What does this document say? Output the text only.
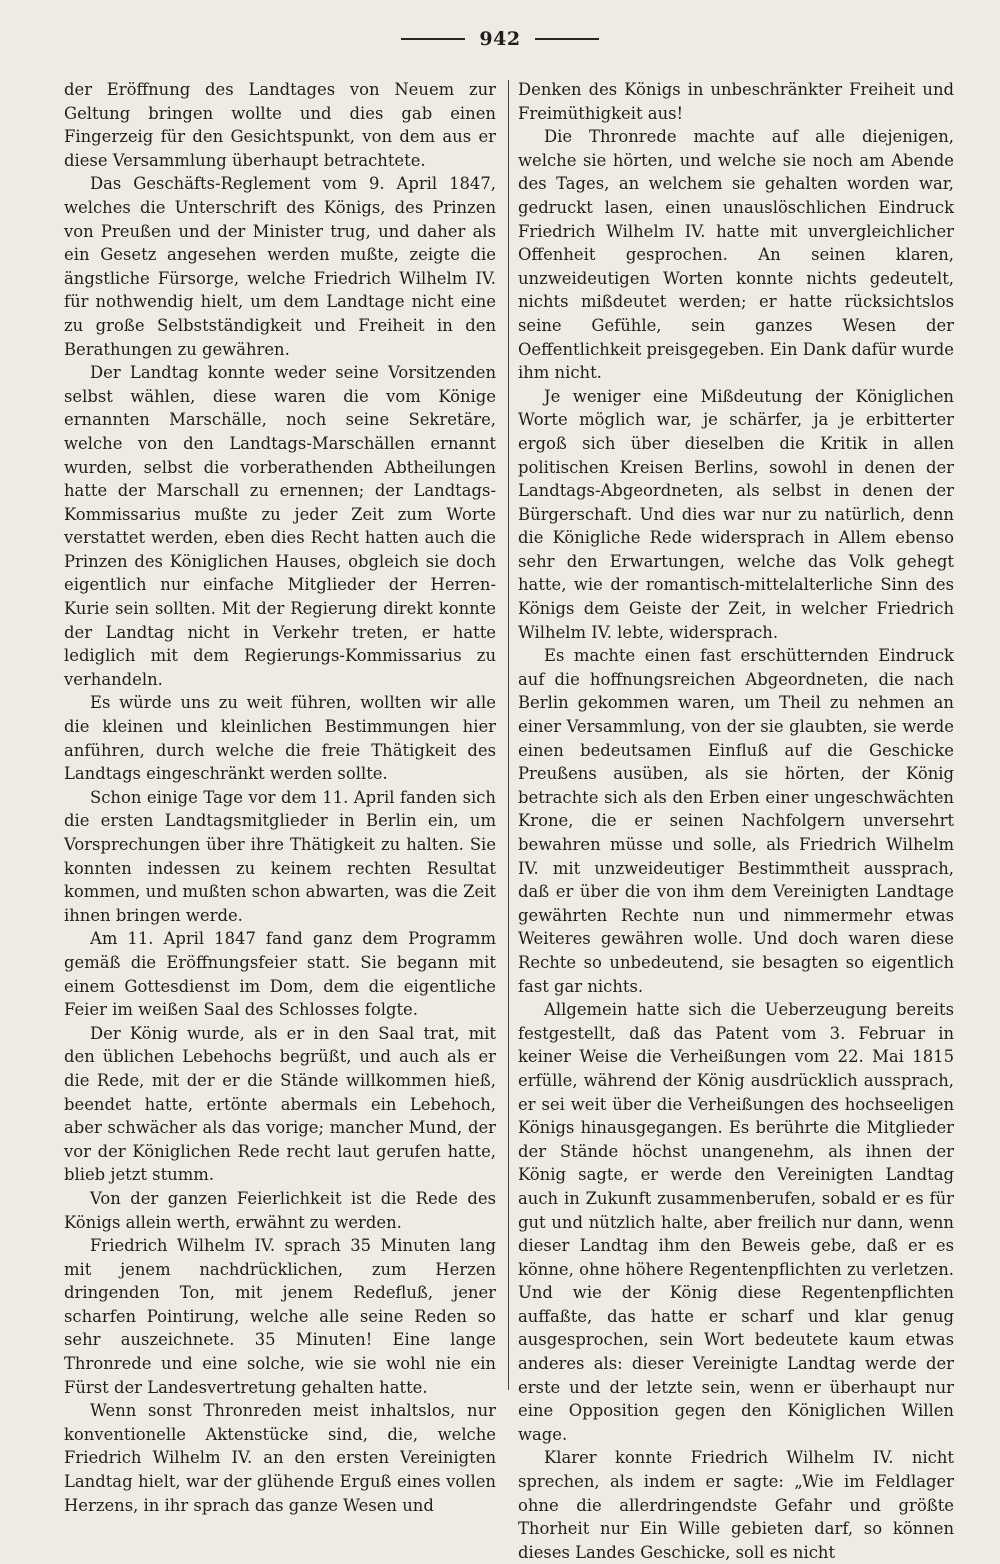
942

der Eröffnung des Landtages von Neuem zur Geltung bringen wollte und dies gab einen Fingerzeig für den Gesichtspunkt, von dem aus er diese Versammlung überhaupt betrachtete.

Das Geschäfts-Reglement vom 9. April 1847, welches die Unterschrift des Königs, des Prinzen von Preußen und der Minister trug, und daher als ein Gesetz angesehen werden mußte, zeigte die ängstliche Fürsorge, welche Friedrich Wilhelm IV. für nothwendig hielt, um dem Landtage nicht eine zu große Selbstständigkeit und Freiheit in den Berathungen zu gewähren.

Der Landtag konnte weder seine Vorsitzenden selbst wählen, diese waren die vom Könige ernannten Marschälle, noch seine Sekretäre, welche von den Landtags-Marschällen ernannt wurden, selbst die vorberathenden Abtheilungen hatte der Marschall zu ernennen; der Landtags-Kommissarius mußte zu jeder Zeit zum Worte verstattet werden, eben dies Recht hatten auch die Prinzen des Königlichen Hauses, obgleich sie doch eigentlich nur einfache Mitglieder der Herren-Kurie sein sollten. Mit der Regierung direkt konnte der Landtag nicht in Verkehr treten, er hatte lediglich mit dem Regierungs-Kommissarius zu verhandeln.

Es würde uns zu weit führen, wollten wir alle die kleinen und kleinlichen Bestimmungen hier anführen, durch welche die freie Thätigkeit des Landtags eingeschränkt werden sollte.

Schon einige Tage vor dem 11. April fanden sich die ersten Landtagsmitglieder in Berlin ein, um Vorsprechungen über ihre Thätigkeit zu halten. Sie konnten indessen zu keinem rechten Resultat kommen, und mußten schon abwarten, was die Zeit ihnen bringen werde.

Am 11. April 1847 fand ganz dem Programm gemäß die Eröffnungsfeier statt. Sie begann mit einem Gottesdienst im Dom, dem die eigentliche Feier im weißen Saal des Schlosses folgte.

Der König wurde, als er in den Saal trat, mit den üblichen Lebehochs begrüßt, und auch als er die Rede, mit der er die Stände willkommen hieß, beendet hatte, ertönte abermals ein Lebehoch, aber schwächer als das vorige; mancher Mund, der vor der Königlichen Rede recht laut gerufen hatte, blieb jetzt stumm.

Von der ganzen Feierlichkeit ist die Rede des Königs allein werth, erwähnt zu werden.

Friedrich Wilhelm IV. sprach 35 Minuten lang mit jenem nachdrücklichen, zum Herzen dringenden Ton, mit jenem Redefluß, jener scharfen Pointirung, welche alle seine Reden so sehr auszeichnete. 35 Minuten! Eine lange Thronrede und eine solche, wie sie wohl nie ein Fürst der Landesvertretung gehalten hatte.

Wenn sonst Thronreden meist inhaltslos, nur konventionelle Aktenstücke sind, die, welche Friedrich Wilhelm IV. an den ersten Vereinigten Landtag hielt, war der glühende Erguß eines vollen Herzens, in ihr sprach das ganze Wesen und

Denken des Königs in unbeschränkter Freiheit und Freimüthigkeit aus!

Die Thronrede machte auf alle diejenigen, welche sie hörten, und welche sie noch am Abende des Tages, an welchem sie gehalten worden war, gedruckt lasen, einen unauslöschlichen Eindruck Friedrich Wilhelm IV. hatte mit unvergleichlicher Offenheit gesprochen. An seinen klaren, unzweideutigen Worten konnte nichts gedeutelt, nichts mißdeutet werden; er hatte rücksichtslos seine Gefühle, sein ganzes Wesen der Oeffentlichkeit preisgegeben. Ein Dank dafür wurde ihm nicht.

Je weniger eine Mißdeutung der Königlichen Worte möglich war, je schärfer, ja je erbitterter ergoß sich über dieselben die Kritik in allen politischen Kreisen Berlins, sowohl in denen der Landtags-Abgeordneten, als selbst in denen der Bürgerschaft. Und dies war nur zu natürlich, denn die Königliche Rede widersprach in Allem ebenso sehr den Erwartungen, welche das Volk gehegt hatte, wie der romantisch-mittelalterliche Sinn des Königs dem Geiste der Zeit, in welcher Friedrich Wilhelm IV. lebte, widersprach.

Es machte einen fast erschütternden Eindruck auf die hoffnungsreichen Abgeordneten, die nach Berlin gekommen waren, um Theil zu nehmen an einer Versammlung, von der sie glaubten, sie werde einen bedeutsamen Einfluß auf die Geschicke Preußens ausüben, als sie hörten, der König betrachte sich als den Erben einer ungeschwächten Krone, die er seinen Nachfolgern unversehrt bewahren müsse und solle, als Friedrich Wilhelm IV. mit unzweideutiger Bestimmtheit aussprach, daß er über die von ihm dem Vereinigten Landtage gewährten Rechte nun und nimmermehr etwas Weiteres gewähren wolle. Und doch waren diese Rechte so unbedeutend, sie besagten so eigentlich fast gar nichts.

Allgemein hatte sich die Ueberzeugung bereits festgestellt, daß das Patent vom 3. Februar in keiner Weise die Verheißungen vom 22. Mai 1815 erfülle, während der König ausdrücklich aussprach, er sei weit über die Verheißungen des hochseeligen Königs hinausgegangen. Es berührte die Mitglieder der Stände höchst unangenehm, als ihnen der König sagte, er werde den Vereinigten Landtag auch in Zukunft zusammenberufen, sobald er es für gut und nützlich halte, aber freilich nur dann, wenn dieser Landtag ihm den Beweis gebe, daß er es könne, ohne höhere Regentenpflichten zu verletzen. Und wie der König diese Regentenpflichten auffaßte, das hatte er scharf und klar genug ausgesprochen, sein Wort bedeutete kaum etwas anderes als: dieser Vereinigte Landtag werde der erste und der letzte sein, wenn er überhaupt nur eine Opposition gegen den Königlichen Willen wage.

Klarer konnte Friedrich Wilhelm IV. nicht sprechen, als indem er sagte: „Wie im Feldlager ohne die allerdringendste Gefahr und größte Thorheit nur Ein Wille gebieten darf, so können dieses Landes Geschicke, soll es nicht
